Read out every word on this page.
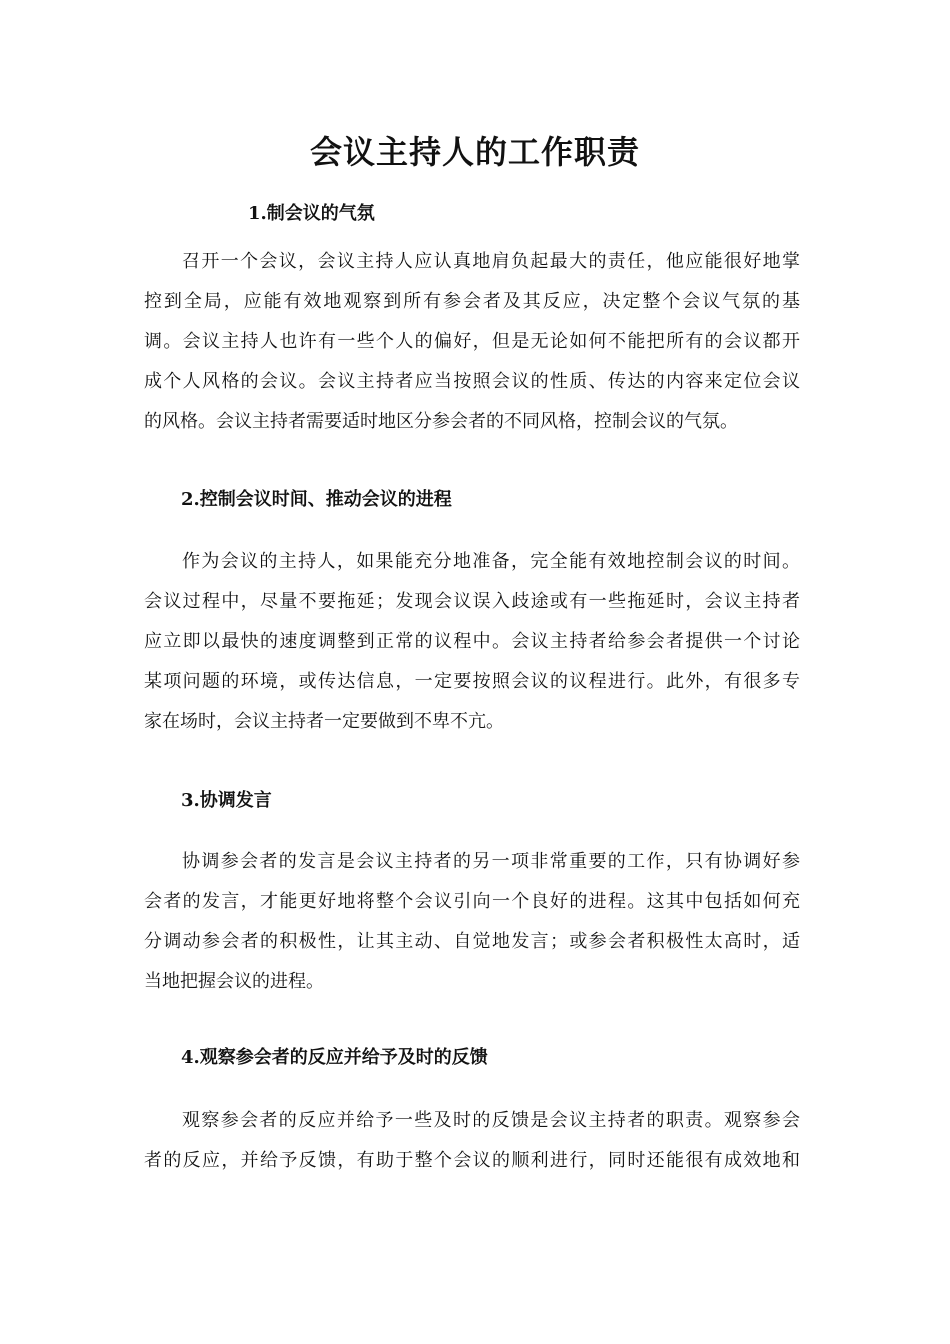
会议主持人的工作职责
1.制会议的气氛
召开一个会议，会议主持人应认真地肩负起最大的责任，他应能很好地掌
控到全局，应能有效地观察到所有参会者及其反应，决定整个会议气氛的基
调。会议主持人也许有一些个人的偏好，但是无论如何不能把所有的会议都开
成个人风格的会议。会议主持者应当按照会议的性质、传达的内容来定位会议
的风格。会议主持者需要适时地区分参会者的不同风格，控制会议的气氛。
2.控制会议时间、推动会议的进程
作为会议的主持人，如果能充分地准备，完全能有效地控制会议的时间。
会议过程中，尽量不要拖延；发现会议误入歧途或有一些拖延时，会议主持者
应立即以最快的速度调整到正常的议程中。会议主持者给参会者提供一个讨论
某项问题的环境，或传达信息，一定要按照会议的议程进行。此外，有很多专
家在场时，会议主持者一定要做到不卑不亢。
3.协调发言
协调参会者的发言是会议主持者的另一项非常重要的工作，只有协调好参
会者的发言，才能更好地将整个会议引向一个良好的进程。这其中包括如何充
分调动参会者的积极性，让其主动、自觉地发言；或参会者积极性太高时，适
当地把握会议的进程。
4.观察参会者的反应并给予及时的反馈
观察参会者的反应并给予一些及时的反馈是会议主持者的职责。观察参会
者的反应，并给予反馈，有助于整个会议的顺利进行，同时还能很有成效地和
